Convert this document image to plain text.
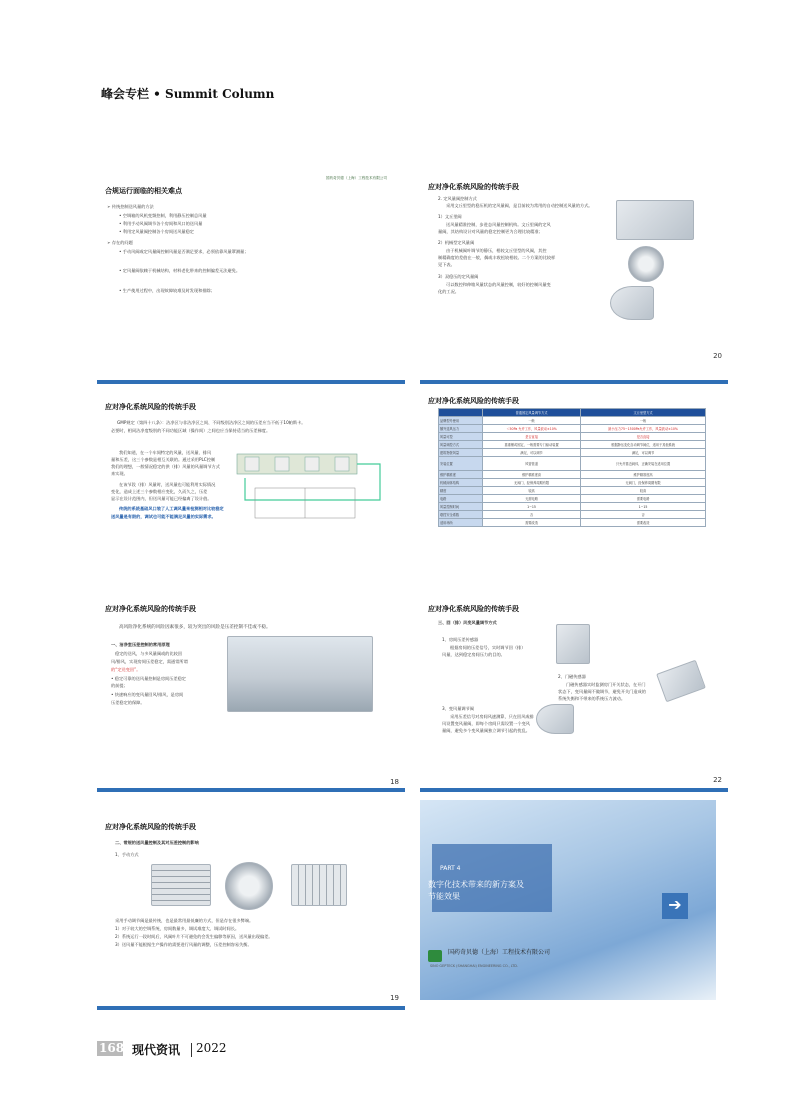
峰会专栏 • Summit Column
国药奇贝德（上海）工程技术有限公司
合规运行面临的相关难点
➢ 传统控制送风量的方法
• 空调箱的风机变频控制，利用静压控制总风量
• 利用手动风阀调节各个房间和风口的送风量
• 利用定风量阀控制各个房间送风量稳定
➢ 存在的问题
• 手动风阀或定风量阀控制风量是否满足要求，必须依靠风量罩测量；
• 定风量阀依赖于机械结构，材料老化带来的控制偏差无法避免。
• 生产使用过程中，出现故障较难及时发现和排除；
应对净化系统风险的传统手段
2. 定风量阀控制方式
采用文丘里型的稳压机的定风量阀，是目前较为常用的自动控制送风量的方式。
1）文丘里阀
送风量精准控制，步进态风量控制机构。文丘里阀的定风
量阀，其结构设计对风量的稳定控制更为合理比较精准；
2）机械型定风量阀
由于机械阀叶调节的静压，相较文丘里型的风阀，其控
制精确度的差值在一般，偶或丰收松较相较。二个方案的比较样
见下表。
3）双稳压的定风量阀
可以数控和伸缩风量状态的风量控制，较好的控制风量变
化的工况。
20
应对净化系统风险的传统手段
GMP规定（第四十八条）：洁净区与非洁净区之间、不同级别洁净区之间的压差应当不低于10帕斯卡。
必要时，相同洁净度级别的不同功能区域（操作间）之间也应当保持适当的压差梯度。
我们知道，在一个车间特定的风量，送风量、排风
量和压差，这三个参数是相互关联的。通过采用PLC控制
我们的理想，一般情况稳定的供（排）风量的风量调节方式
来实现。
在该节段（排）风量时，送风量也可能利用实际情况
变化，造成上述三个参数相应变化，久而久之，压差
显示在设计范围内，但送风量可能已经偏离了设计值。
传统的系统基础风口装了人工调风量来检测相对比较稳定
送风量是有限的，调试也可能不能满足风量的实际需求。
应对净化系统风险的传统手段
	普通固定风量调节方式	文丘里型方式
品牌型号使用	一般	一般
额外送风压力	＜50Pa 允许工作，风量波动±10%	最小压力75~1500Pa允许工作，风量波动±10%
风量可控	是否直接	是否直接
风量调控方式	靠重锤或固定，一般需要专门驱动装置	根据静压变化自动调节阀位，适用于其他系统
建筑物资风量	满足，可以调节	满足，可以调节
安装位置	风管管道	只允许靠近阀体，正确安装在适用位置
维护精准度	维护精准度高	维护精准度高
机械阀体结构	无阀门，经保养周期有限	无阀门，经保养周期有限
精度	较高	较高
电路	无需电路	需要电路
风量控制时间	1~15	1~15
联控安全系数	否	否
适用场所	需要改造	需要改造
应对净化系统风险的传统手段
高风险净化系统的风险因素很多，较为突出的风险是压差控制不佳或不稳。
一、洁净室压差控制的常用原理
稳定的送风，与多风量阀或的比较回
风/排风，实现房间压差稳定，需通常所谓
的“定送变回”。
• 稳定可靠的送风量控制是房间压差稳定
的前提；
• 快速响应的变风量回风/排风，是房间
压差稳定的保障。
18
应对净化系统风险的传统手段
三、回（排）风变风量调节方式
1、房间压差传感器
根据房间的压差信号，实时调节回（排）
风量，达到稳定房间压力的目的。
2、门磁传感器
门磁传感器实时监测房门开关状态，在开门
状态下，变风量阀不做调节，避免开关门造成的
系统失衡和不带来的系统压力波动。
3、变风量调节阀
采用压差信号对房间风速测算，只在回风或排
风设置变风量阀，即每个房间只需设置一个变风
量阀，避免多个变风量阀独立调节引起的扰乱。
22
应对净化系统风险的传统手段
二、常规的送风量控制及其对压差控制的影响
1、手动方式
采用手动调节阀是最传统，也是最常用最低廉的方式，但是存在很多弊端。
1）对于较大的空调系统，房间数量多，调试难度大、调试时间长。
2）系统运行一段时间后，风阀叶片不可避免的会发生偏移等原因，送风量出现偏差。
3）送风量不能根据生产操作的需要进行风量的调整，压差控制容易失衡。
19
PART 4
数字化技术带来的新方案及
节能效果	➔
国药奇贝德（上海）工程技术有限公司
SINO GEPTECK (SHANGHAI) ENGINEERING CO., LTD.
168 现代资讯 2022
